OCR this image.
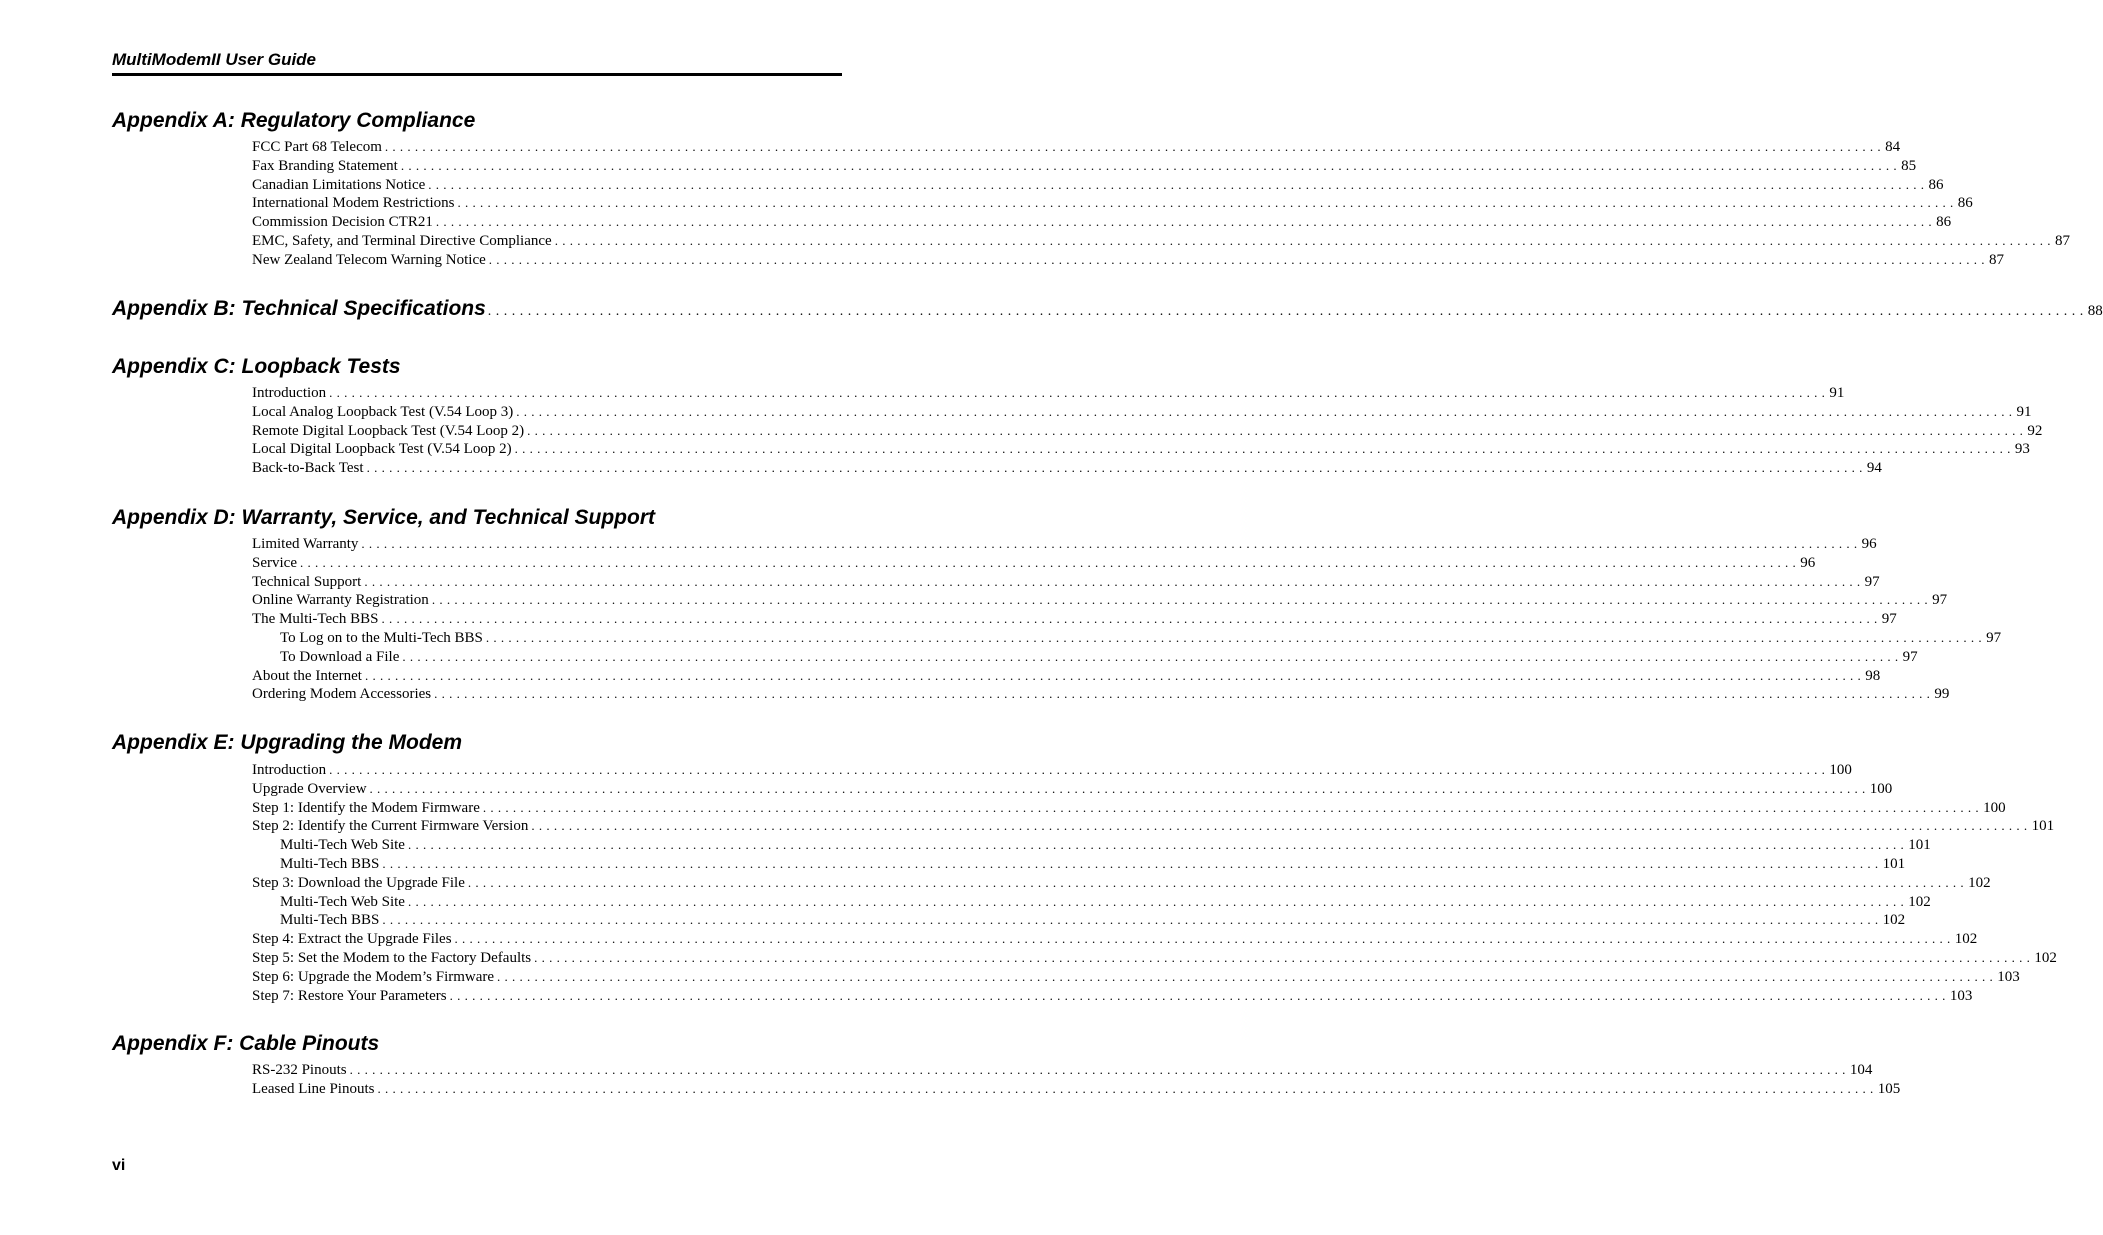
MultiModemII User Guide
Appendix A: Regulatory Compliance
FCC Part 68 Telecom . . . . . . . . . . . . . . . . . . . . . . . . . . . . . . . . . . . . . . . . . . . . . . . . . . . . . . . . . . . . . . . . . . . . . . . . . . . . . . . . . . . . . . . . . . . . . . . . . . . . . . . . . . . . . . . . . . . . . . . . . . . . . . . . . . . . . . . . . . . . . . . . . . . . . . . . . . . . . . . . . . . . . . . . . . . . . . . . . . . . . . . . . . . . . . . . . . . . . . . . 84
Fax Branding Statement . . . . . . . . . . . . . . . . . . . . . . . . . . . . . . . . . . . . . . . . . . . . . . . . . . . . . . . . . . . . . . . . . . . . . . . . . . . . . . . . . . . . . . . . . . . . . . . . . . . . . . . . . . . . . . . . . . . . . . . . . . . . . . . . . . . . . . . . . . . . . . . . . . . . . . . . . . . . . . . . . . . . . . . . . . . . . . . . . . . . . . . . . . . . . . . . . . . . . . . . 85
Canadian Limitations Notice . . . . . . . . . . . . . . . . . . . . . . . . . . . . . . . . . . . . . . . . . . . . . . . . . . . . . . . . . . . . . . . . . . . . . . . . . . . . . . . . . . . . . . . . . . . . . . . . . . . . . . . . . . . . . . . . . . . . . . . . . . . . . . . . . . . . . . . . . . . . . . . . . . . . . . . . . . . . . . . . . . . . . . . . . . . . . . . . . . . . . . . . . . . . . . . . . . . . . . . . 86
International Modem Restrictions . . . . . . . . . . . . . . . . . . . . . . . . . . . . . . . . . . . . . . . . . . . . . . . . . . . . . . . . . . . . . . . . . . . . . . . . . . . . . . . . . . . . . . . . . . . . . . . . . . . . . . . . . . . . . . . . . . . . . . . . . . . . . . . . . . . . . . . . . . . . . . . . . . . . . . . . . . . . . . . . . . . . . . . . . . . . . . . . . . . . . . . . . . . . . . . . . . . . . . . . 86
Commission Decision CTR21 . . . . . . . . . . . . . . . . . . . . . . . . . . . . . . . . . . . . . . . . . . . . . . . . . . . . . . . . . . . . . . . . . . . . . . . . . . . . . . . . . . . . . . . . . . . . . . . . . . . . . . . . . . . . . . . . . . . . . . . . . . . . . . . . . . . . . . . . . . . . . . . . . . . . . . . . . . . . . . . . . . . . . . . . . . . . . . . . . . . . . . . . . . . . . . . . . . . . . . . . 86
EMC, Safety, and Terminal Directive Compliance . . . . . . . . . . . . . . . . . . . . . . . . . . . . . . . . . . . . . . . . . . . . . . . . . . . . . . . . . . . . . . . . . . . . . . . . . . . . . . . . . . . . . . . . . . . . . . . . . . . . . . . . . . . . . . . . . . . . . . . . . . . . . . . . . . . . . . . . . . . . . . . . . . . . . . . . . . . . . . . . . . . . . . . . . . . . . . . . . . . . . . . . . . . . . . . . . . . . . . . . 87
New Zealand Telecom Warning Notice . . . . . . . . . . . . . . . . . . . . . . . . . . . . . . . . . . . . . . . . . . . . . . . . . . . . . . . . . . . . . . . . . . . . . . . . . . . . . . . . . . . . . . . . . . . . . . . . . . . . . . . . . . . . . . . . . . . . . . . . . . . . . . . . . . . . . . . . . . . . . . . . . . . . . . . . . . . . . . . . . . . . . . . . . . . . . . . . . . . . . . . . . . . . . . . . . . . . . . . . 87
Appendix B: Technical Specifications . . . . . . . . . . . . . . . . . . . . . . . . . . . . . . . . . . . . . . . . . . . . . . . . . . . . . . . . . . . . . . . . . . . . . . . . . . . . . . . . . . . . . . . . . . . . . . . . . . . . . . . . . . . . . . . . . . . . . . . . . . . . . . . . . . . . . . . . . . . . . . . . . . . . . . . . . . . . . . . . . . . . . . . . . . . . . . . . . . . . . . . . . . . . . . . . . . . . . . . . 88
Appendix C: Loopback Tests
Introduction . . . . . . . . . . . . . . . . . . . . . . . . . . . . . . . . . . . . . . . . . . . . . . . . . . . . . . . . . . . . . . . . . . . . . . . . . . . . . . . . . . . . . . . . . . . . . . . . . . . . . . . . . . . . . . . . . . . . . . . . . . . . . . . . . . . . . . . . . . . . . . . . . . . . . . . . . . . . . . . . . . . . . . . . . . . . . . . . . . . . . . . . . . . . . . . . . . . . . . . . 91
Local Analog Loopback Test (V.54 Loop 3) . . . . . . . . . . . . . . . . . . . . . . . . . . . . . . . . . . . . . . . . . . . . . . . . . . . . . . . . . . . . . . . . . . . . . . . . . . . . . . . . . . . . . . . . . . . . . . . . . . . . . . . . . . . . . . . . . . . . . . . . . . . . . . . . . . . . . . . . . . . . . . . . . . . . . . . . . . . . . . . . . . . . . . . . . . . . . . . . . . . . . . . . . . . . . . . . . . . . . . . . 91
Remote Digital Loopback Test (V.54 Loop 2) . . . . . . . . . . . . . . . . . . . . . . . . . . . . . . . . . . . . . . . . . . . . . . . . . . . . . . . . . . . . . . . . . . . . . . . . . . . . . . . . . . . . . . . . . . . . . . . . . . . . . . . . . . . . . . . . . . . . . . . . . . . . . . . . . . . . . . . . . . . . . . . . . . . . . . . . . . . . . . . . . . . . . . . . . . . . . . . . . . . . . . . . . . . . . . . . . . . . . . . . 92
Local Digital Loopback Test (V.54 Loop 2) . . . . . . . . . . . . . . . . . . . . . . . . . . . . . . . . . . . . . . . . . . . . . . . . . . . . . . . . . . . . . . . . . . . . . . . . . . . . . . . . . . . . . . . . . . . . . . . . . . . . . . . . . . . . . . . . . . . . . . . . . . . . . . . . . . . . . . . . . . . . . . . . . . . . . . . . . . . . . . . . . . . . . . . . . . . . . . . . . . . . . . . . . . . . . . . . . . . . . . . . 93
Back-to-Back Test . . . . . . . . . . . . . . . . . . . . . . . . . . . . . . . . . . . . . . . . . . . . . . . . . . . . . . . . . . . . . . . . . . . . . . . . . . . . . . . . . . . . . . . . . . . . . . . . . . . . . . . . . . . . . . . . . . . . . . . . . . . . . . . . . . . . . . . . . . . . . . . . . . . . . . . . . . . . . . . . . . . . . . . . . . . . . . . . . . . . . . . . . . . . . . . . . . . . . . . . 94
Appendix D: Warranty, Service, and Technical Support
Limited Warranty . . . . . . . . . . . . . . . . . . . . . . . . . . . . . . . . . . . . . . . . . . . . . . . . . . . . . . . . . . . . . . . . . . . . . . . . . . . . . . . . . . . . . . . . . . . . . . . . . . . . . . . . . . . . . . . . . . . . . . . . . . . . . . . . . . . . . . . . . . . . . . . . . . . . . . . . . . . . . . . . . . . . . . . . . . . . . . . . . . . . . . . . . . . . . . . . . . . . . . . . 96
Service . . . . . . . . . . . . . . . . . . . . . . . . . . . . . . . . . . . . . . . . . . . . . . . . . . . . . . . . . . . . . . . . . . . . . . . . . . . . . . . . . . . . . . . . . . . . . . . . . . . . . . . . . . . . . . . . . . . . . . . . . . . . . . . . . . . . . . . . . . . . . . . . . . . . . . . . . . . . . . . . . . . . . . . . . . . . . . . . . . . . . . . . . . . . . . . . . . . . . . . . 96
Technical Support . . . . . . . . . . . . . . . . . . . . . . . . . . . . . . . . . . . . . . . . . . . . . . . . . . . . . . . . . . . . . . . . . . . . . . . . . . . . . . . . . . . . . . . . . . . . . . . . . . . . . . . . . . . . . . . . . . . . . . . . . . . . . . . . . . . . . . . . . . . . . . . . . . . . . . . . . . . . . . . . . . . . . . . . . . . . . . . . . . . . . . . . . . . . . . . . . . . . . . . . 97
Online Warranty Registration . . . . . . . . . . . . . . . . . . . . . . . . . . . . . . . . . . . . . . . . . . . . . . . . . . . . . . . . . . . . . . . . . . . . . . . . . . . . . . . . . . . . . . . . . . . . . . . . . . . . . . . . . . . . . . . . . . . . . . . . . . . . . . . . . . . . . . . . . . . . . . . . . . . . . . . . . . . . . . . . . . . . . . . . . . . . . . . . . . . . . . . . . . . . . . . . . . . . . . . . 97
The Multi-Tech BBS . . . . . . . . . . . . . . . . . . . . . . . . . . . . . . . . . . . . . . . . . . . . . . . . . . . . . . . . . . . . . . . . . . . . . . . . . . . . . . . . . . . . . . . . . . . . . . . . . . . . . . . . . . . . . . . . . . . . . . . . . . . . . . . . . . . . . . . . . . . . . . . . . . . . . . . . . . . . . . . . . . . . . . . . . . . . . . . . . . . . . . . . . . . . . . . . . . . . . . . . 97
To Log on to the Multi-Tech BBS . . . . . . . . . . . . . . . . . . . . . . . . . . . . . . . . . . . . . . . . . . . . . . . . . . . . . . . . . . . . . . . . . . . . . . . . . . . . . . . . . . . . . . . . . . . . . . . . . . . . . . . . . . . . . . . . . . . . . . . . . . . . . . . . . . . . . . . . . . . . . . . . . . . . . . . . . . . . . . . . . . . . . . . . . . . . . . . . . . . . . . . . . . . . . . . . . . . . . . . . 97
To Download a File . . . . . . . . . . . . . . . . . . . . . . . . . . . . . . . . . . . . . . . . . . . . . . . . . . . . . . . . . . . . . . . . . . . . . . . . . . . . . . . . . . . . . . . . . . . . . . . . . . . . . . . . . . . . . . . . . . . . . . . . . . . . . . . . . . . . . . . . . . . . . . . . . . . . . . . . . . . . . . . . . . . . . . . . . . . . . . . . . . . . . . . . . . . . . . . . . . . . . . . . 97
About the Internet . . . . . . . . . . . . . . . . . . . . . . . . . . . . . . . . . . . . . . . . . . . . . . . . . . . . . . . . . . . . . . . . . . . . . . . . . . . . . . . . . . . . . . . . . . . . . . . . . . . . . . . . . . . . . . . . . . . . . . . . . . . . . . . . . . . . . . . . . . . . . . . . . . . . . . . . . . . . . . . . . . . . . . . . . . . . . . . . . . . . . . . . . . . . . . . . . . . . . . . . 98
Ordering Modem Accessories . . . . . . . . . . . . . . . . . . . . . . . . . . . . . . . . . . . . . . . . . . . . . . . . . . . . . . . . . . . . . . . . . . . . . . . . . . . . . . . . . . . . . . . . . . . . . . . . . . . . . . . . . . . . . . . . . . . . . . . . . . . . . . . . . . . . . . . . . . . . . . . . . . . . . . . . . . . . . . . . . . . . . . . . . . . . . . . . . . . . . . . . . . . . . . . . . . . . . . . . 99
Appendix E: Upgrading the Modem
Introduction . . . . . . . . . . . . . . . . . . . . . . . . . . . . . . . . . . . . . . . . . . . . . . . . . . . . . . . . . . . . . . . . . . . . . . . . . . . . . . . . . . . . . . . . . . . . . . . . . . . . . . . . . . . . . . . . . . . . . . . . . . . . . . . . . . . . . . . . . . . . . . . . . . . . . . . . . . . . . . . . . . . . . . . . . . . . . . . . . . . . . . . . . . . . . . . . . . . . . . . . 100
Upgrade Overview . . . . . . . . . . . . . . . . . . . . . . . . . . . . . . . . . . . . . . . . . . . . . . . . . . . . . . . . . . . . . . . . . . . . . . . . . . . . . . . . . . . . . . . . . . . . . . . . . . . . . . . . . . . . . . . . . . . . . . . . . . . . . . . . . . . . . . . . . . . . . . . . . . . . . . . . . . . . . . . . . . . . . . . . . . . . . . . . . . . . . . . . . . . . . . . . . . . . . . . . 100
Step 1: Identify the Modem Firmware . . . . . . . . . . . . . . . . . . . . . . . . . . . . . . . . . . . . . . . . . . . . . . . . . . . . . . . . . . . . . . . . . . . . . . . . . . . . . . . . . . . . . . . . . . . . . . . . . . . . . . . . . . . . . . . . . . . . . . . . . . . . . . . . . . . . . . . . . . . . . . . . . . . . . . . . . . . . . . . . . . . . . . . . . . . . . . . . . . . . . . . . . . . . . . . . . . . . . . . . 100
Step 2: Identify the Current Firmware Version . . . . . . . . . . . . . . . . . . . . . . . . . . . . . . . . . . . . . . . . . . . . . . . . . . . . . . . . . . . . . . . . . . . . . . . . . . . . . . . . . . . . . . . . . . . . . . . . . . . . . . . . . . . . . . . . . . . . . . . . . . . . . . . . . . . . . . . . . . . . . . . . . . . . . . . . . . . . . . . . . . . . . . . . . . . . . . . . . . . . . . . . . . . . . . . . . . . . . . . . 101
Multi-Tech Web Site . . . . . . . . . . . . . . . . . . . . . . . . . . . . . . . . . . . . . . . . . . . . . . . . . . . . . . . . . . . . . . . . . . . . . . . . . . . . . . . . . . . . . . . . . . . . . . . . . . . . . . . . . . . . . . . . . . . . . . . . . . . . . . . . . . . . . . . . . . . . . . . . . . . . . . . . . . . . . . . . . . . . . . . . . . . . . . . . . . . . . . . . . . . . . . . . . . . . . . . . 101
Multi-Tech BBS . . . . . . . . . . . . . . . . . . . . . . . . . . . . . . . . . . . . . . . . . . . . . . . . . . . . . . . . . . . . . . . . . . . . . . . . . . . . . . . . . . . . . . . . . . . . . . . . . . . . . . . . . . . . . . . . . . . . . . . . . . . . . . . . . . . . . . . . . . . . . . . . . . . . . . . . . . . . . . . . . . . . . . . . . . . . . . . . . . . . . . . . . . . . . . . . . . . . . . . . 101
Step 3: Download the Upgrade File . . . . . . . . . . . . . . . . . . . . . . . . . . . . . . . . . . . . . . . . . . . . . . . . . . . . . . . . . . . . . . . . . . . . . . . . . . . . . . . . . . . . . . . . . . . . . . . . . . . . . . . . . . . . . . . . . . . . . . . . . . . . . . . . . . . . . . . . . . . . . . . . . . . . . . . . . . . . . . . . . . . . . . . . . . . . . . . . . . . . . . . . . . . . . . . . . . . . . . . . 102
Multi-Tech Web Site . . . . . . . . . . . . . . . . . . . . . . . . . . . . . . . . . . . . . . . . . . . . . . . . . . . . . . . . . . . . . . . . . . . . . . . . . . . . . . . . . . . . . . . . . . . . . . . . . . . . . . . . . . . . . . . . . . . . . . . . . . . . . . . . . . . . . . . . . . . . . . . . . . . . . . . . . . . . . . . . . . . . . . . . . . . . . . . . . . . . . . . . . . . . . . . . . . . . . . . . 102
Multi-Tech BBS . . . . . . . . . . . . . . . . . . . . . . . . . . . . . . . . . . . . . . . . . . . . . . . . . . . . . . . . . . . . . . . . . . . . . . . . . . . . . . . . . . . . . . . . . . . . . . . . . . . . . . . . . . . . . . . . . . . . . . . . . . . . . . . . . . . . . . . . . . . . . . . . . . . . . . . . . . . . . . . . . . . . . . . . . . . . . . . . . . . . . . . . . . . . . . . . . . . . . . . . 102
Step 4: Extract the Upgrade Files . . . . . . . . . . . . . . . . . . . . . . . . . . . . . . . . . . . . . . . . . . . . . . . . . . . . . . . . . . . . . . . . . . . . . . . . . . . . . . . . . . . . . . . . . . . . . . . . . . . . . . . . . . . . . . . . . . . . . . . . . . . . . . . . . . . . . . . . . . . . . . . . . . . . . . . . . . . . . . . . . . . . . . . . . . . . . . . . . . . . . . . . . . . . . . . . . . . . . . . . 102
Step 5: Set the Modem to the Factory Defaults . . . . . . . . . . . . . . . . . . . . . . . . . . . . . . . . . . . . . . . . . . . . . . . . . . . . . . . . . . . . . . . . . . . . . . . . . . . . . . . . . . . . . . . . . . . . . . . . . . . . . . . . . . . . . . . . . . . . . . . . . . . . . . . . . . . . . . . . . . . . . . . . . . . . . . . . . . . . . . . . . . . . . . . . . . . . . . . . . . . . . . . . . . . . . . . . . . . . . . . . 102
Step 6: Upgrade the Modem’s Firmware . . . . . . . . . . . . . . . . . . . . . . . . . . . . . . . . . . . . . . . . . . . . . . . . . . . . . . . . . . . . . . . . . . . . . . . . . . . . . . . . . . . . . . . . . . . . . . . . . . . . . . . . . . . . . . . . . . . . . . . . . . . . . . . . . . . . . . . . . . . . . . . . . . . . . . . . . . . . . . . . . . . . . . . . . . . . . . . . . . . . . . . . . . . . . . . . . . . . . . . . 103
Step 7: Restore Your Parameters . . . . . . . . . . . . . . . . . . . . . . . . . . . . . . . . . . . . . . . . . . . . . . . . . . . . . . . . . . . . . . . . . . . . . . . . . . . . . . . . . . . . . . . . . . . . . . . . . . . . . . . . . . . . . . . . . . . . . . . . . . . . . . . . . . . . . . . . . . . . . . . . . . . . . . . . . . . . . . . . . . . . . . . . . . . . . . . . . . . . . . . . . . . . . . . . . . . . . . . . 103
Appendix F: Cable Pinouts
RS-232 Pinouts . . . . . . . . . . . . . . . . . . . . . . . . . . . . . . . . . . . . . . . . . . . . . . . . . . . . . . . . . . . . . . . . . . . . . . . . . . . . . . . . . . . . . . . . . . . . . . . . . . . . . . . . . . . . . . . . . . . . . . . . . . . . . . . . . . . . . . . . . . . . . . . . . . . . . . . . . . . . . . . . . . . . . . . . . . . . . . . . . . . . . . . . . . . . . . . . . . . . . . . . 104
Leased Line Pinouts . . . . . . . . . . . . . . . . . . . . . . . . . . . . . . . . . . . . . . . . . . . . . . . . . . . . . . . . . . . . . . . . . . . . . . . . . . . . . . . . . . . . . . . . . . . . . . . . . . . . . . . . . . . . . . . . . . . . . . . . . . . . . . . . . . . . . . . . . . . . . . . . . . . . . . . . . . . . . . . . . . . . . . . . . . . . . . . . . . . . . . . . . . . . . . . . . . . . . . . . 105
vi
